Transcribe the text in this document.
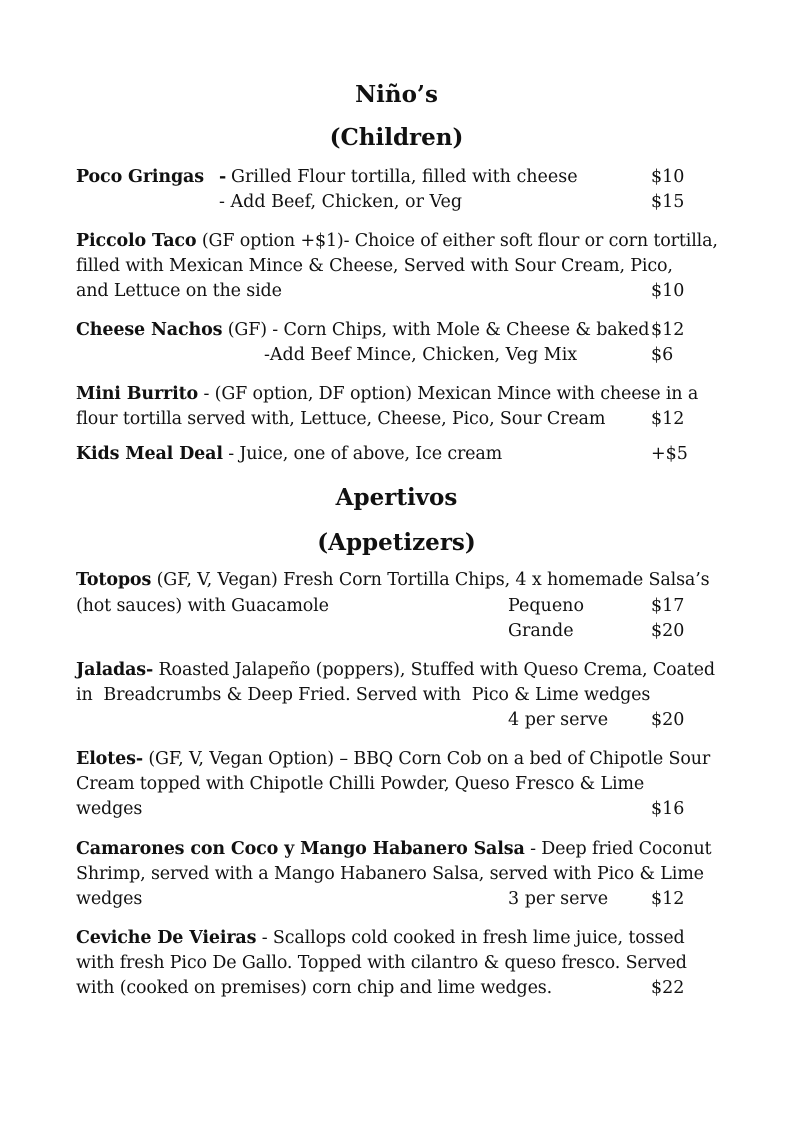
Niño’s
(Children)
Poco Gringas - Grilled Flour tortilla, filled with cheese	$10
- Add Beef, Chicken, or Veg	$15
Piccolo Taco (GF option +$1)- Choice of either soft flour or corn tortilla,
filled with Mexican Mince & Cheese, Served with Sour Cream, Pico,
and Lettuce on the side	$10
Cheese Nachos (GF) - Corn Chips, with Mole & Cheese & baked $12
-Add Beef Mince, Chicken, Veg Mix	$6
Mini Burrito - (GF option, DF option) Mexican Mince with cheese in a
flour tortilla served with, Lettuce, Cheese, Pico, Sour Cream	$12
Kids Meal Deal - Juice, one of above, Ice cream	+$5
Apertivos
(Appetizers)
Totopos (GF, V, Vegan) Fresh Corn Tortilla Chips, 4 x homemade Salsa’s
(hot sauces) with Guacamole	Pequeno	$17
Grande	$20
Jaladas- Roasted Jalapeño (poppers), Stuffed with Queso Crema, Coated
in  Breadcrumbs & Deep Fried. Served with  Pico & Lime wedges
4 per serve $20
Elotes- (GF, V, Vegan Option) – BBQ Corn Cob on a bed of Chipotle Sour
Cream topped with Chipotle Chilli Powder, Queso Fresco & Lime
wedges	$16
Camarones con Coco y Mango Habanero Salsa - Deep fried Coconut
Shrimp, served with a Mango Habanero Salsa, served with Pico & Lime
wedges	3 per serve $12
Ceviche De Vieiras - Scallops cold cooked in fresh lime juice, tossed
with fresh Pico De Gallo. Topped with cilantro & queso fresco. Served
with (cooked on premises) corn chip and lime wedges.	$22
